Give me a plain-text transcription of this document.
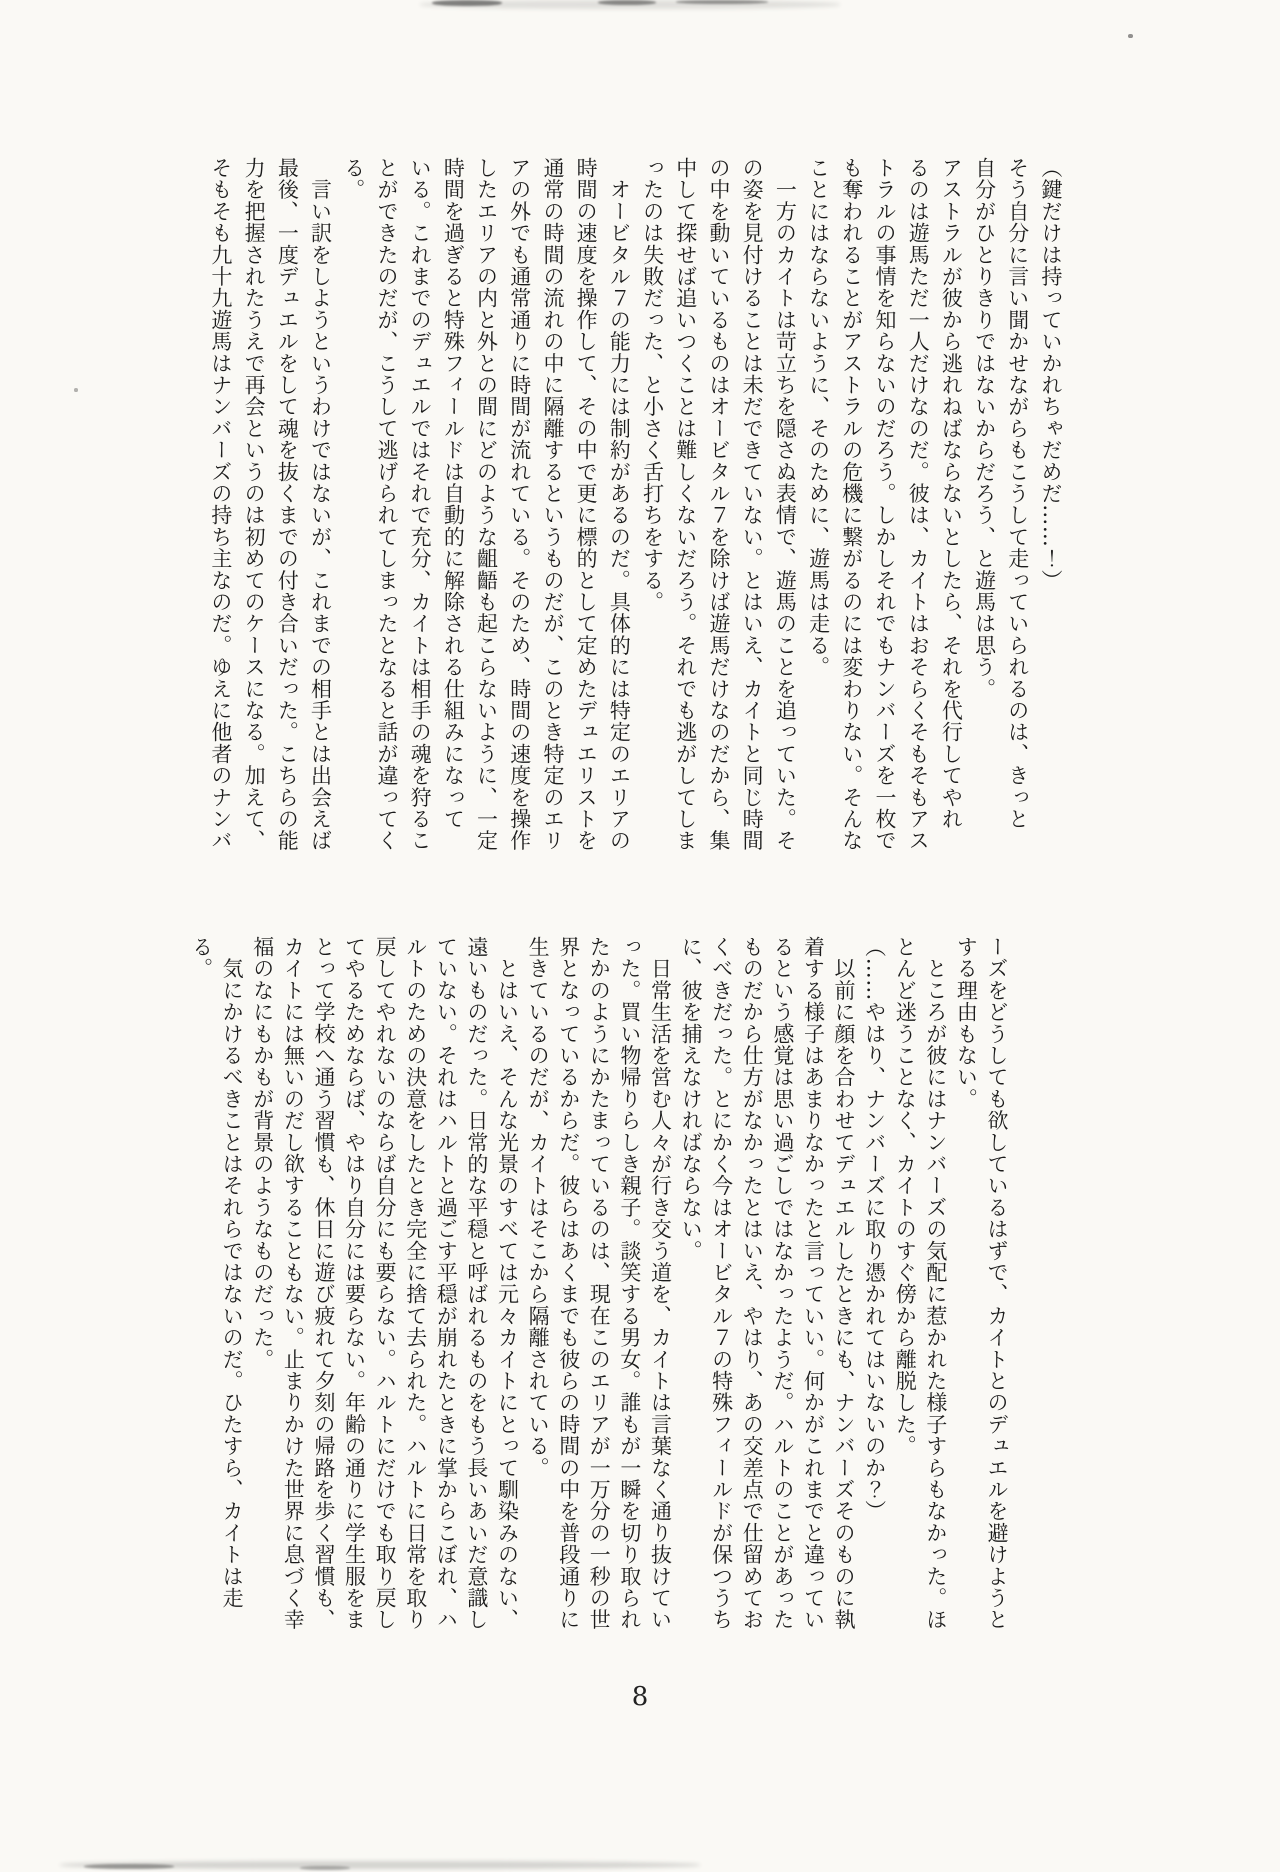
（鍵だけは持っていかれちゃだめだ……！）

そう自分に言い聞かせながらもこうして走っていられるのは、きっと

自分がひとりきりではないからだろう、と遊馬は思う。

アストラルが彼から逃れねばならないとしたら、それを代行してやれ

るのは遊馬ただ一人だけなのだ。彼は、カイトはおそらくそもそもアス

トラルの事情を知らないのだろう。しかしそれでもナンバーズを一枚で

も奪われることがアストラルの危機に繋がるのには変わりない。そんな

ことにはならないように、そのために、遊馬は走る。

　一方のカイトは苛立ちを隠さぬ表情で、遊馬のことを追っていた。そ

の姿を見付けることは未だできていない。とはいえ、カイトと同じ時間

の中を動いているものはオービタル７を除けば遊馬だけなのだから、集

中して探せば追いつくことは難しくないだろう。それでも逃がしてしま

ったのは失敗だった、と小さく舌打ちをする。

　オービタル７の能力には制約があるのだ。具体的には特定のエリアの

時間の速度を操作して、その中で更に標的として定めたデュエリストを

通常の時間の流れの中に隔離するというものだが、このとき特定のエリ

アの外でも通常通りに時間が流れている。そのため、時間の速度を操作

したエリアの内と外との間にどのような齟齬も起こらないように、一定

時間を過ぎると特殊フィールドは自動的に解除される仕組みになって

いる。これまでのデュエルではそれで充分、カイトは相手の魂を狩るこ

とができたのだが、こうして逃げられてしまったとなると話が違ってく

る。

　言い訳をしようというわけではないが、これまでの相手とは出会えば

最後、一度デュエルをして魂を抜くまでの付き合いだった。こちらの能

力を把握されたうえで再会というのは初めてのケースになる。加えて、

そもそも九十九遊馬はナンバーズの持ち主なのだ。ゆえに他者のナンバ

ーズをどうしても欲しているはずで、カイトとのデュエルを避けようと

する理由もない。

　ところが彼にはナンバーズの気配に惹かれた様子すらもなかった。ほ

とんど迷うことなく、カイトのすぐ傍から離脱した。

（……やはり、ナンバーズに取り憑かれてはいないのか？）

　以前に顔を合わせてデュエルしたときにも、ナンバーズそのものに執

着する様子はあまりなかったと言っていい。何かがこれまでと違ってい

るという感覚は思い過ごしではなかったようだ。ハルトのことがあった

ものだから仕方がなかったとはいえ、やはり、あの交差点で仕留めてお

くべきだった。とにかく今はオービタル７の特殊フィールドが保つうち

に、彼を捕えなければならない。

　日常生活を営む人々が行き交う道を、カイトは言葉なく通り抜けてい

った。買い物帰りらしき親子。談笑する男女。誰もが一瞬を切り取られ

たかのようにかたまっているのは、現在このエリアが一万分の一秒の世

界となっているからだ。彼らはあくまでも彼らの時間の中を普段通りに

生きているのだが、カイトはそこから隔離されている。

　とはいえ、そんな光景のすべては元々カイトにとって馴染みのない、

遠いものだった。日常的な平穏と呼ばれるものをもう長いあいだ意識し

ていない。それはハルトと過ごす平穏が崩れたときに掌からこぼれ、ハ

ルトのための決意をしたとき完全に捨て去られた。ハルトに日常を取り

戻してやれないのならば自分にも要らない。ハルトにだけでも取り戻し

てやるためならば、やはり自分には要らない。年齢の通りに学生服をま

とって学校へ通う習慣も、休日に遊び疲れて夕刻の帰路を歩く習慣も、

カイトには無いのだし欲することもない。止まりかけた世界に息づく幸

福のなにもかもが背景のようなものだった。

　気にかけるべきことはそれらではないのだ。ひたすら、カイトは走る。

8
